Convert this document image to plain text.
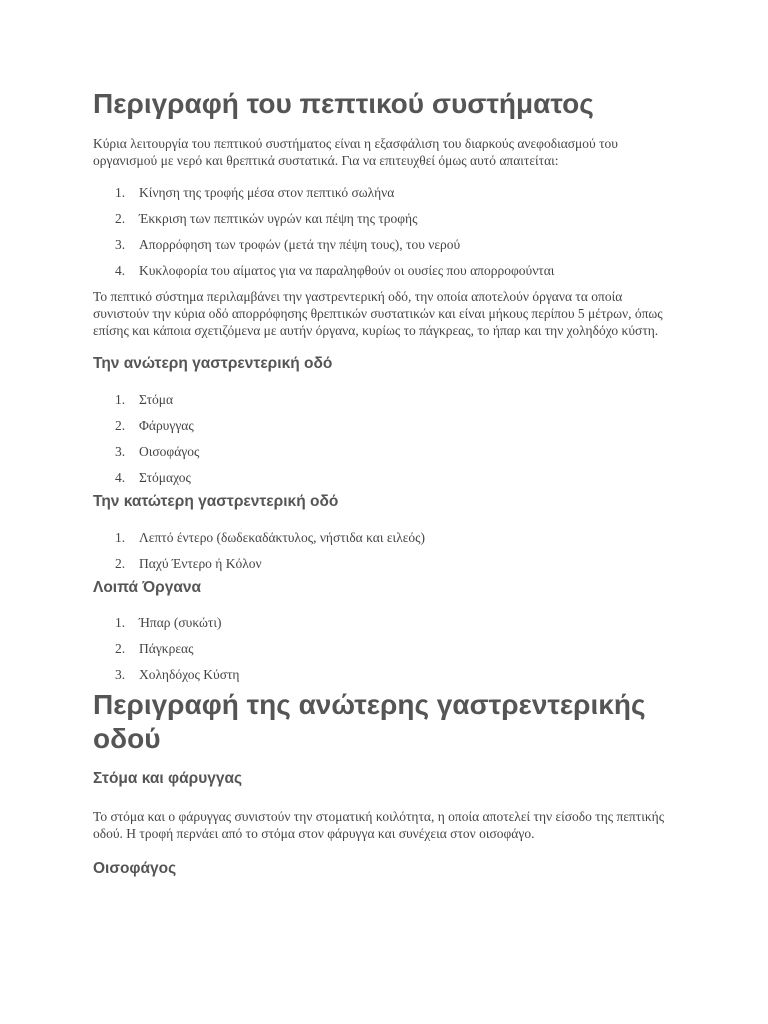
Περιγραφή του πεπτικού συστήματος

Κύρια λειτουργία του πεπτικού συστήματος είναι η εξασφάλιση του διαρκούς ανεφοδιασμού του οργανισμού με νερό και θρεπτικά συστατικά. Για να επιτευχθεί όμως αυτό απαιτείται:

1. Κίνηση της τροφής μέσα στον πεπτικό σωλήνα
2. Έκκριση των πεπτικών υγρών και πέψη της τροφής
3. Απορρόφηση των τροφών (μετά την πέψη τους), του νερού
4. Κυκλοφορία του αίματος για να παραληφθούν οι ουσίες που απορροφούνται

Το πεπτικό σύστημα περιλαμβάνει την γαστρεντερική οδό, την οποία αποτελούν όργανα τα οποία συνιστούν την κύρια οδό απορρόφησης θρεπτικών συστατικών και είναι μήκους περίπου 5 μέτρων, όπως επίσης και κάποια σχετιζόμενα με αυτήν όργανα, κυρίως το πάγκρεας, το ήπαρ και την χοληδόχο κύστη.

Την ανώτερη γαστρεντερική οδό
1. Στόμα
2. Φάρυγγας
3. Οισοφάγος
4. Στόμαχος
Την κατώτερη γαστρεντερική οδό
1. Λεπτό έντερο (δωδεκαδάκτυλος, νήστιδα και ειλεός)
2. Παχύ Έντερο ή Κόλον
Λοιπά Όργανα
1. Ήπαρ (συκώτι)
2. Πάγκρεας
3. Χοληδόχος Κύστη
Περιγραφή της ανώτερης γαστρεντερικής οδού
Στόμα και φάρυγγας

Το στόμα και ο φάρυγγας συνιστούν την στοματική κοιλότητα, η οποία αποτελεί την είσοδο της πεπτικής οδού. Η τροφή περνάει από το στόμα στον φάρυγγα και συνέχεια στον οισοφάγο.

Οισοφάγος
